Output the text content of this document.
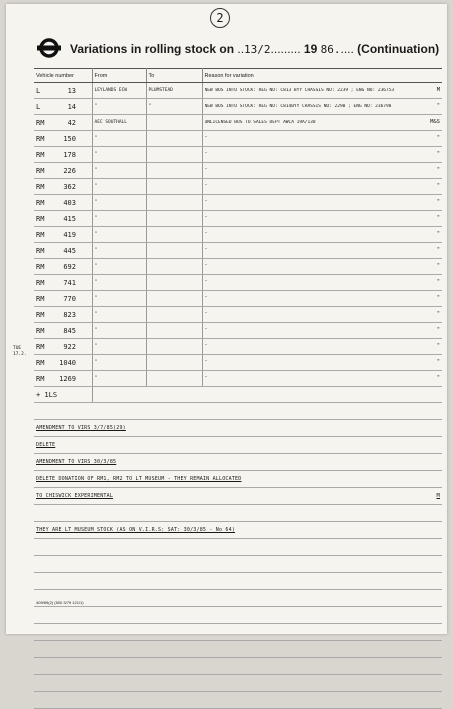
2
Variations in rolling stock on ..13/2......... 19 86..... (Continuation)
Vehicle number	From	To	Reason for variation
L 13	LEYLANDS ECW	PLUMSTEAD	NEW BUS INTO STOCK: REG NO: C813 BYY CHASSIS NO: 2239 ; ENG NO: 236753 M

L 14	"	"	NEW BUS INTO STOCK: REG NO: C814BYY CHASSIS NO: 2290 ; ENG NO: 236790 "

RM 42	AEC SOUTHALL		UNLICENSED BUS TO SALES DEPT AWCA 19A/138 M&S

RM 150	"		" "

RM 178	"		" "

RM 226	"		" "

RM 362	"		" "

RM 403	"		" "

RM 415	"		" "

RM 419	"		" "

RM 445	"		" "

RM 692	"		" "

RM 741	"		" "

RM 770	"		" "

RM 823	"		" "

RM 845	"		" "

RM 922	"		" "

RM 1040	"		" "

RM 1269	"		" "

+ 1LS			

AMENDMENT TO VIRS 3/7/85(29)			

DELETE			

AMENDMENT TO VIRS 30/3/85			

DELETE DONATION OF RM1, RM2 TO LT MUSEUM - THEY REMAIN ALLOCATED			

TO CHISWICK EXPERIMENTAL M			

THEY ARE LT MUSEUM STOCK (AS ON V.I.R.S: SAT: 30/3/85 - No 64)			

TUE
17.2.
409/89(2) (500 3/79 121/1)
